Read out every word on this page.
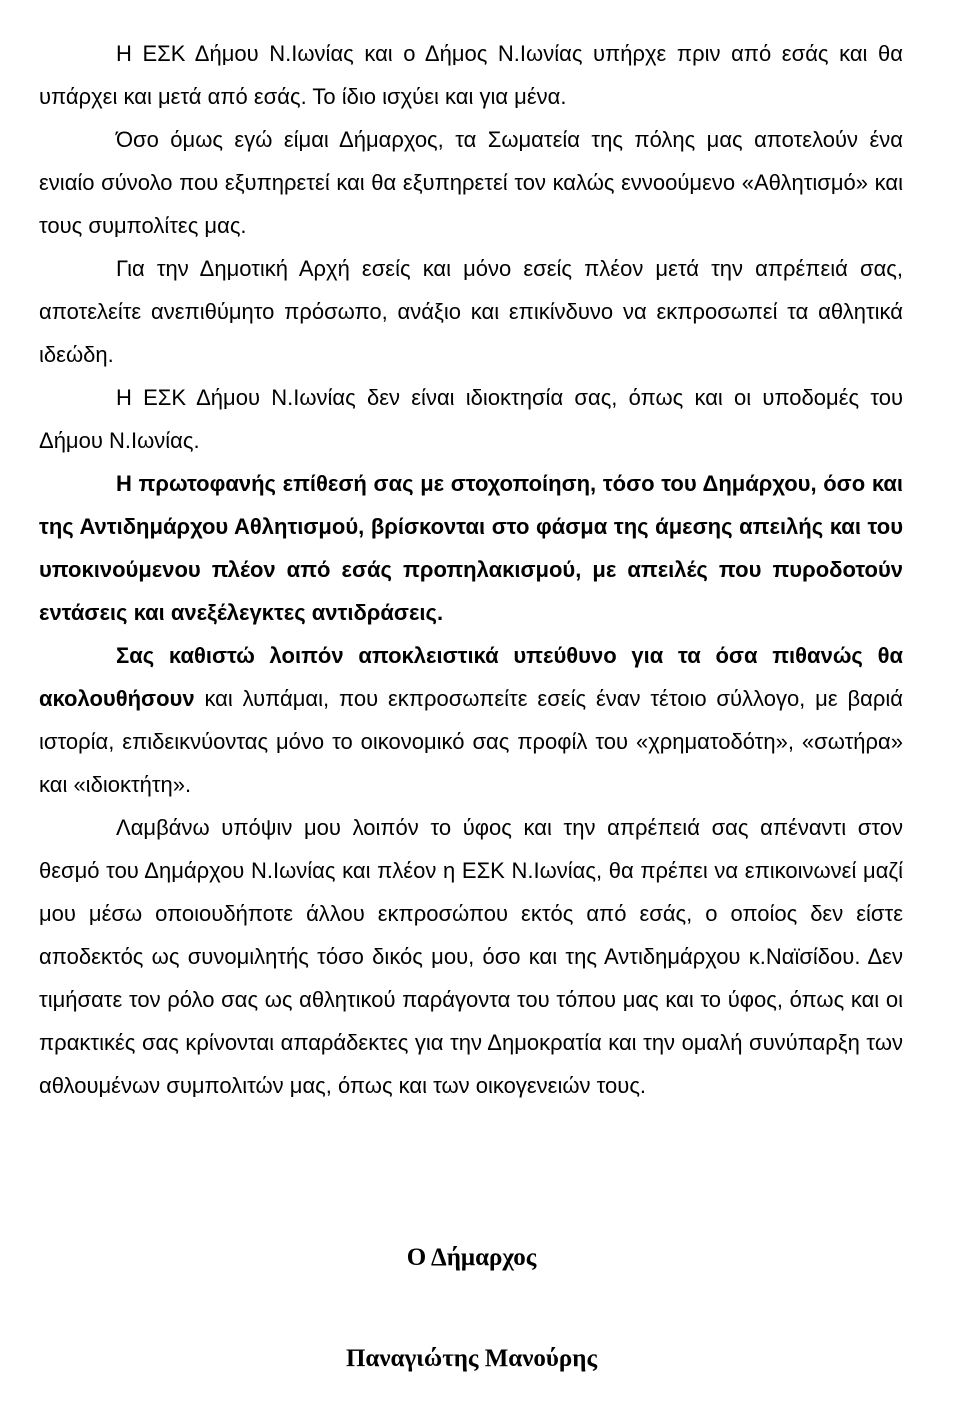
Η ΕΣΚ Δήμου Ν.Ιωνίας και ο Δήμος Ν.Ιωνίας υπήρχε πριν από εσάς και θα υπάρχει και μετά από εσάς. Το ίδιο ισχύει και για μένα.

Όσο όμως εγώ είμαι Δήμαρχος, τα Σωματεία της πόλης μας αποτελούν ένα ενιαίο σύνολο που εξυπηρετεί και θα εξυπηρετεί τον καλώς εννοούμενο «Αθλητισμό» και τους συμπολίτες μας.

Για την Δημοτική Αρχή εσείς και μόνο εσείς πλέον μετά την απρέπειά σας, αποτελείτε ανεπιθύμητο πρόσωπο, ανάξιο και επικίνδυνο να εκπροσωπεί τα αθλητικά ιδεώδη.

Η ΕΣΚ Δήμου Ν.Ιωνίας δεν είναι ιδιοκτησία σας, όπως και οι υποδομές του Δήμου Ν.Ιωνίας.

Η πρωτοφανής επίθεσή σας με στοχοποίηση, τόσο του Δημάρχου, όσο και της Αντιδημάρχου Αθλητισμού, βρίσκονται στο φάσμα της άμεσης απειλής και του υποκινούμενου πλέον από εσάς προπηλακισμού, με απειλές που πυροδοτούν εντάσεις και ανεξέλεγκτες αντιδράσεις.

Σας καθιστώ λοιπόν αποκλειστικά υπεύθυνο για τα όσα πιθανώς θα ακολουθήσουν και λυπάμαι, που εκπροσωπείτε εσείς έναν τέτοιο σύλλογο, με βαριά ιστορία, επιδεικνύοντας μόνο το οικονομικό σας προφίλ του «χρηματοδότη», «σωτήρα» και «ιδιοκτήτη».

Λαμβάνω υπόψιν μου λοιπόν το ύφος και την απρέπειά σας απέναντι στον θεσμό του Δημάρχου Ν.Ιωνίας και πλέον η ΕΣΚ Ν.Ιωνίας, θα πρέπει να επικοινωνεί μαζί μου μέσω οποιουδήποτε άλλου εκπροσώπου εκτός από εσάς, ο οποίος δεν είστε αποδεκτός ως συνομιλητής τόσο δικός μου, όσο και της Αντιδημάρχου κ.Ναϊσίδου. Δεν τιμήσατε τον ρόλο σας ως αθλητικού παράγοντα του τόπου μας και το ύφος, όπως και οι πρακτικές σας κρίνονται απαράδεκτες για την Δημοκρατία και την ομαλή συνύπαρξη των αθλουμένων συμπολιτών μας, όπως και των οικογενειών τους.

Ο Δήμαρχος

Παναγιώτης Μανούρης
